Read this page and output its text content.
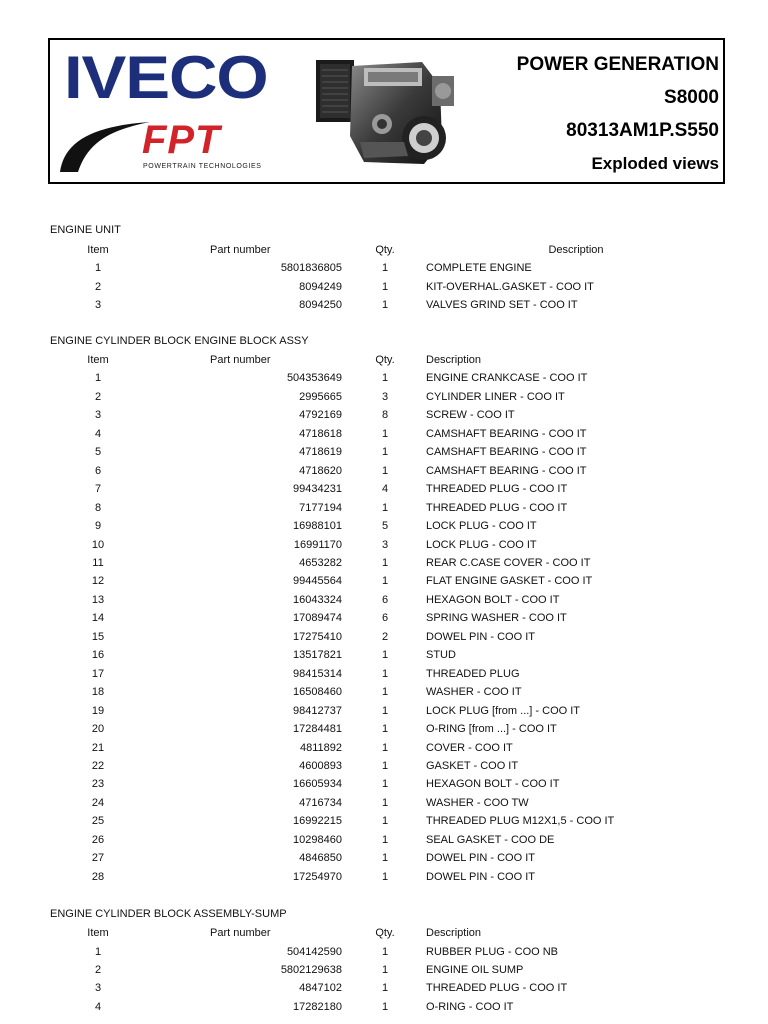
IVECO
FPT
POWERTRAIN TECHNOLOGIES
POWER GENERATION
S8000
80313AM1P.S550
Exploded views
ENGINE UNIT
Item	Part number	Qty.	Description
1	5801836805	1	COMPLETE ENGINE
2	8094249	1	KIT-OVERHAL.GASKET - COO IT
3	8094250	1	VALVES GRIND SET - COO IT
ENGINE CYLINDER BLOCK ENGINE BLOCK ASSY
Item	Part number	Qty.	Description
1	504353649	1	ENGINE CRANKCASE - COO IT
2	2995665	3	CYLINDER LINER - COO IT
3	4792169	8	SCREW - COO IT
4	4718618	1	CAMSHAFT BEARING - COO IT
5	4718619	1	CAMSHAFT BEARING - COO IT
6	4718620	1	CAMSHAFT BEARING - COO IT
7	99434231	4	THREADED PLUG - COO IT
8	7177194	1	THREADED PLUG - COO IT
9	16988101	5	LOCK PLUG - COO IT
10	16991170	3	LOCK PLUG - COO IT
11	4653282	1	REAR C.CASE COVER - COO IT
12	99445564	1	FLAT ENGINE GASKET - COO IT
13	16043324	6	HEXAGON BOLT - COO IT
14	17089474	6	SPRING WASHER - COO IT
15	17275410	2	DOWEL PIN - COO IT
16	13517821	1	STUD
17	98415314	1	THREADED PLUG
18	16508460	1	WASHER - COO IT
19	98412737	1	LOCK PLUG [from ...] - COO IT
20	17284481	1	O-RING [from ...] - COO IT
21	4811892	1	COVER - COO IT
22	4600893	1	GASKET - COO IT
23	16605934	1	HEXAGON BOLT - COO IT
24	4716734	1	WASHER - COO TW
25	16992215	1	THREADED PLUG M12X1,5 - COO IT
26	10298460	1	SEAL GASKET - COO DE
27	4846850	1	DOWEL PIN - COO IT
28	17254970	1	DOWEL PIN - COO IT
ENGINE CYLINDER BLOCK ASSEMBLY-SUMP
Item	Part number	Qty.	Description
1	504142590	1	RUBBER PLUG - COO NB
2	5802129638	1	ENGINE OIL SUMP
3	4847102	1	THREADED PLUG - COO IT
4	17282180	1	O-RING - COO IT
